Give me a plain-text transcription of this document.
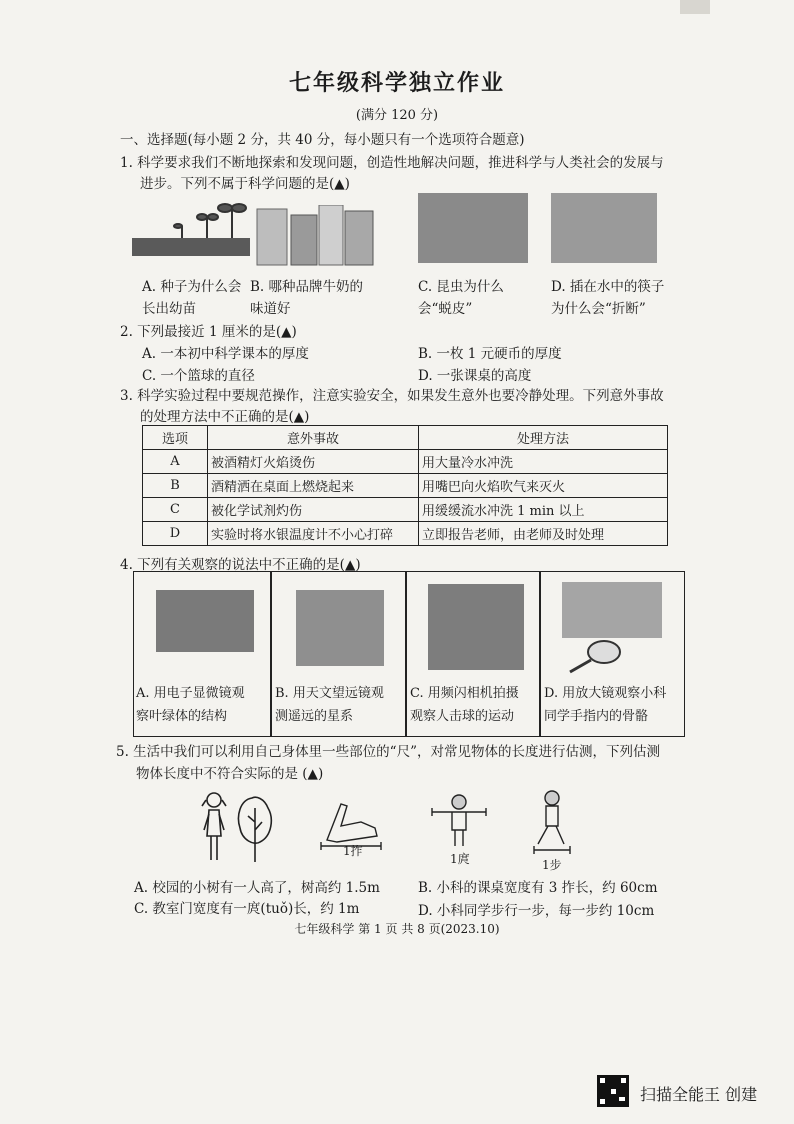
七年级科学独立作业
(满分 120 分)
一、选择题(每小题 2 分，共 40 分，每小题只有一个选项符合题意)
1. 科学要求我们不断地探索和发现问题，创造性地解决问题，推进科学与人类社会的发展与
进步。下列不属于科学问题的是(▲)
A. 种子为什么会
长出幼苗
B. 哪种品牌牛奶的
味道好
C. 昆虫为什么
会“蜕皮”
D. 插在水中的筷子
为什么会“折断”
2. 下列最接近 1 厘米的是(▲)
A. 一本初中科学课本的厚度	B. 一枚 1 元硬币的厚度
C. 一个篮球的直径	D. 一张课桌的高度
3. 科学实验过程中要规范操作，注意实验安全，如果发生意外也要冷静处理。下列意外事故
的处理方法中不正确的是(▲)
选项	意外事故	处理方法
A	被酒精灯火焰烫伤	用大量冷水冲洗
B	酒精洒在桌面上燃烧起来	用嘴巴向火焰吹气来灭火
C	被化学试剂灼伤	用缓缓流水冲洗 1 min 以上
D	实验时将水银温度计不小心打碎	立即报告老师，由老师及时处理
4. 下列有关观察的说法中不正确的是(▲)
A. 用电子显微镜观
察叶绿体的结构
B. 用天文望远镜观
测遥远的星系
C. 用频闪相机拍摄
观察人击球的运动
D. 用放大镜观察小科
同学手指内的骨骼
5. 生活中我们可以利用自己身体里一些部位的“尺”，对常见物体的长度进行估测，下列估测
物体长度中不符合实际的是 (▲)
1拃
1庹	1步
A. 校园的小树有一人高了，树高约 1.5m	B. 小科的课桌宽度有 3 拃长，约 60cm
C. 教室门宽度有一庹(tuǒ)长，约 1m	D. 小科同学步行一步，每一步约 10cm
七年级科学 第 1 页 共 8 页(2023.10)
扫描全能王 创建
